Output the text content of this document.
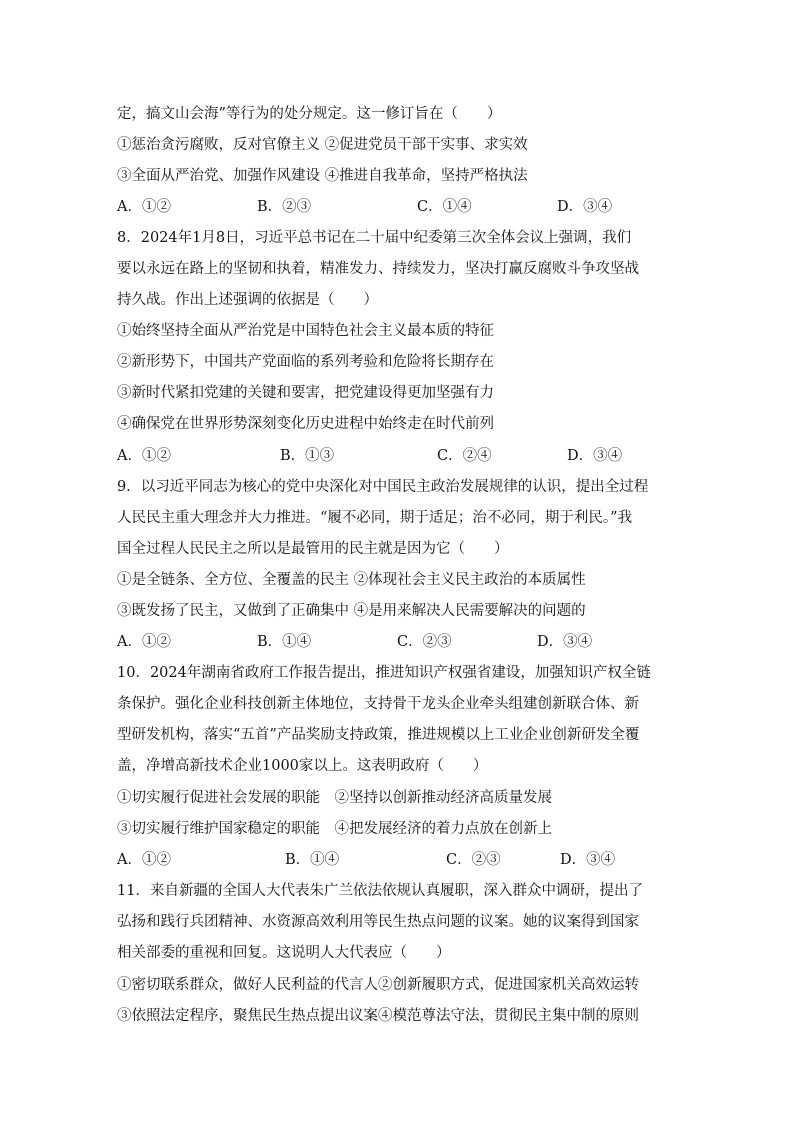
定，搞文山会海”等行为的处分规定。这一修订旨在（　　）
①惩治贪污腐败，反对官僚主义 ②促进党员干部干实事、求实效
③全面从严治党、加强作风建设 ④推进自我革命，坚持严格执法
A．①②	B．②③	C．①④	D．③④
8．2024年1月8日，习近平总书记在二十届中纪委第三次全体会议上强调，我们
要以永远在路上的坚韧和执着，精准发力、持续发力，坚决打赢反腐败斗争攻坚战
持久战。作出上述强调的依据是（　　）
①始终坚持全面从严治党是中国特色社会主义最本质的特征
②新形势下，中国共产党面临的系列考验和危险将长期存在
③新时代紧扣党建的关键和要害，把党建设得更加坚强有力
④确保党在世界形势深刻变化历史进程中始终走在时代前列
A．①②	B．①③	C．②④	D．③④
9．以习近平同志为核心的党中央深化对中国民主政治发展规律的认识，提出全过程
人民民主重大理念并大力推进。“履不必同，期于适足；治不必同，期于利民。”我
国全过程人民民主之所以是最管用的民主就是因为它（　　）
①是全链条、全方位、全覆盖的民主 ②体现社会主义民主政治的本质属性
③既发扬了民主，又做到了正确集中 ④是用来解决人民需要解决的问题的
A．①②	B．①④	C．②③	D．③④
10．2024年湖南省政府工作报告提出，推进知识产权强省建设，加强知识产权全链
条保护。强化企业科技创新主体地位，支持骨干龙头企业牵头组建创新联合体、新
型研发机构，落实“五首”产品奖励支持政策，推进规模以上工业企业创新研发全覆
盖，净增高新技术企业1000家以上。这表明政府（　　）
①切实履行促进社会发展的职能　②坚持以创新推动经济高质量发展
③切实履行维护国家稳定的职能　④把发展经济的着力点放在创新上
A．①②	B．①④	C．②③	D．③④
11．来自新疆的全国人大代表朱广兰依法依规认真履职，深入群众中调研，提出了
弘扬和践行兵团精神、水资源高效利用等民生热点问题的议案。她的议案得到国家
相关部委的重视和回复。这说明人大代表应（　　）
①密切联系群众，做好人民利益的代言人②创新履职方式，促进国家机关高效运转
③依照法定程序，聚焦民生热点提出议案④模范尊法守法，贯彻民主集中制的原则
